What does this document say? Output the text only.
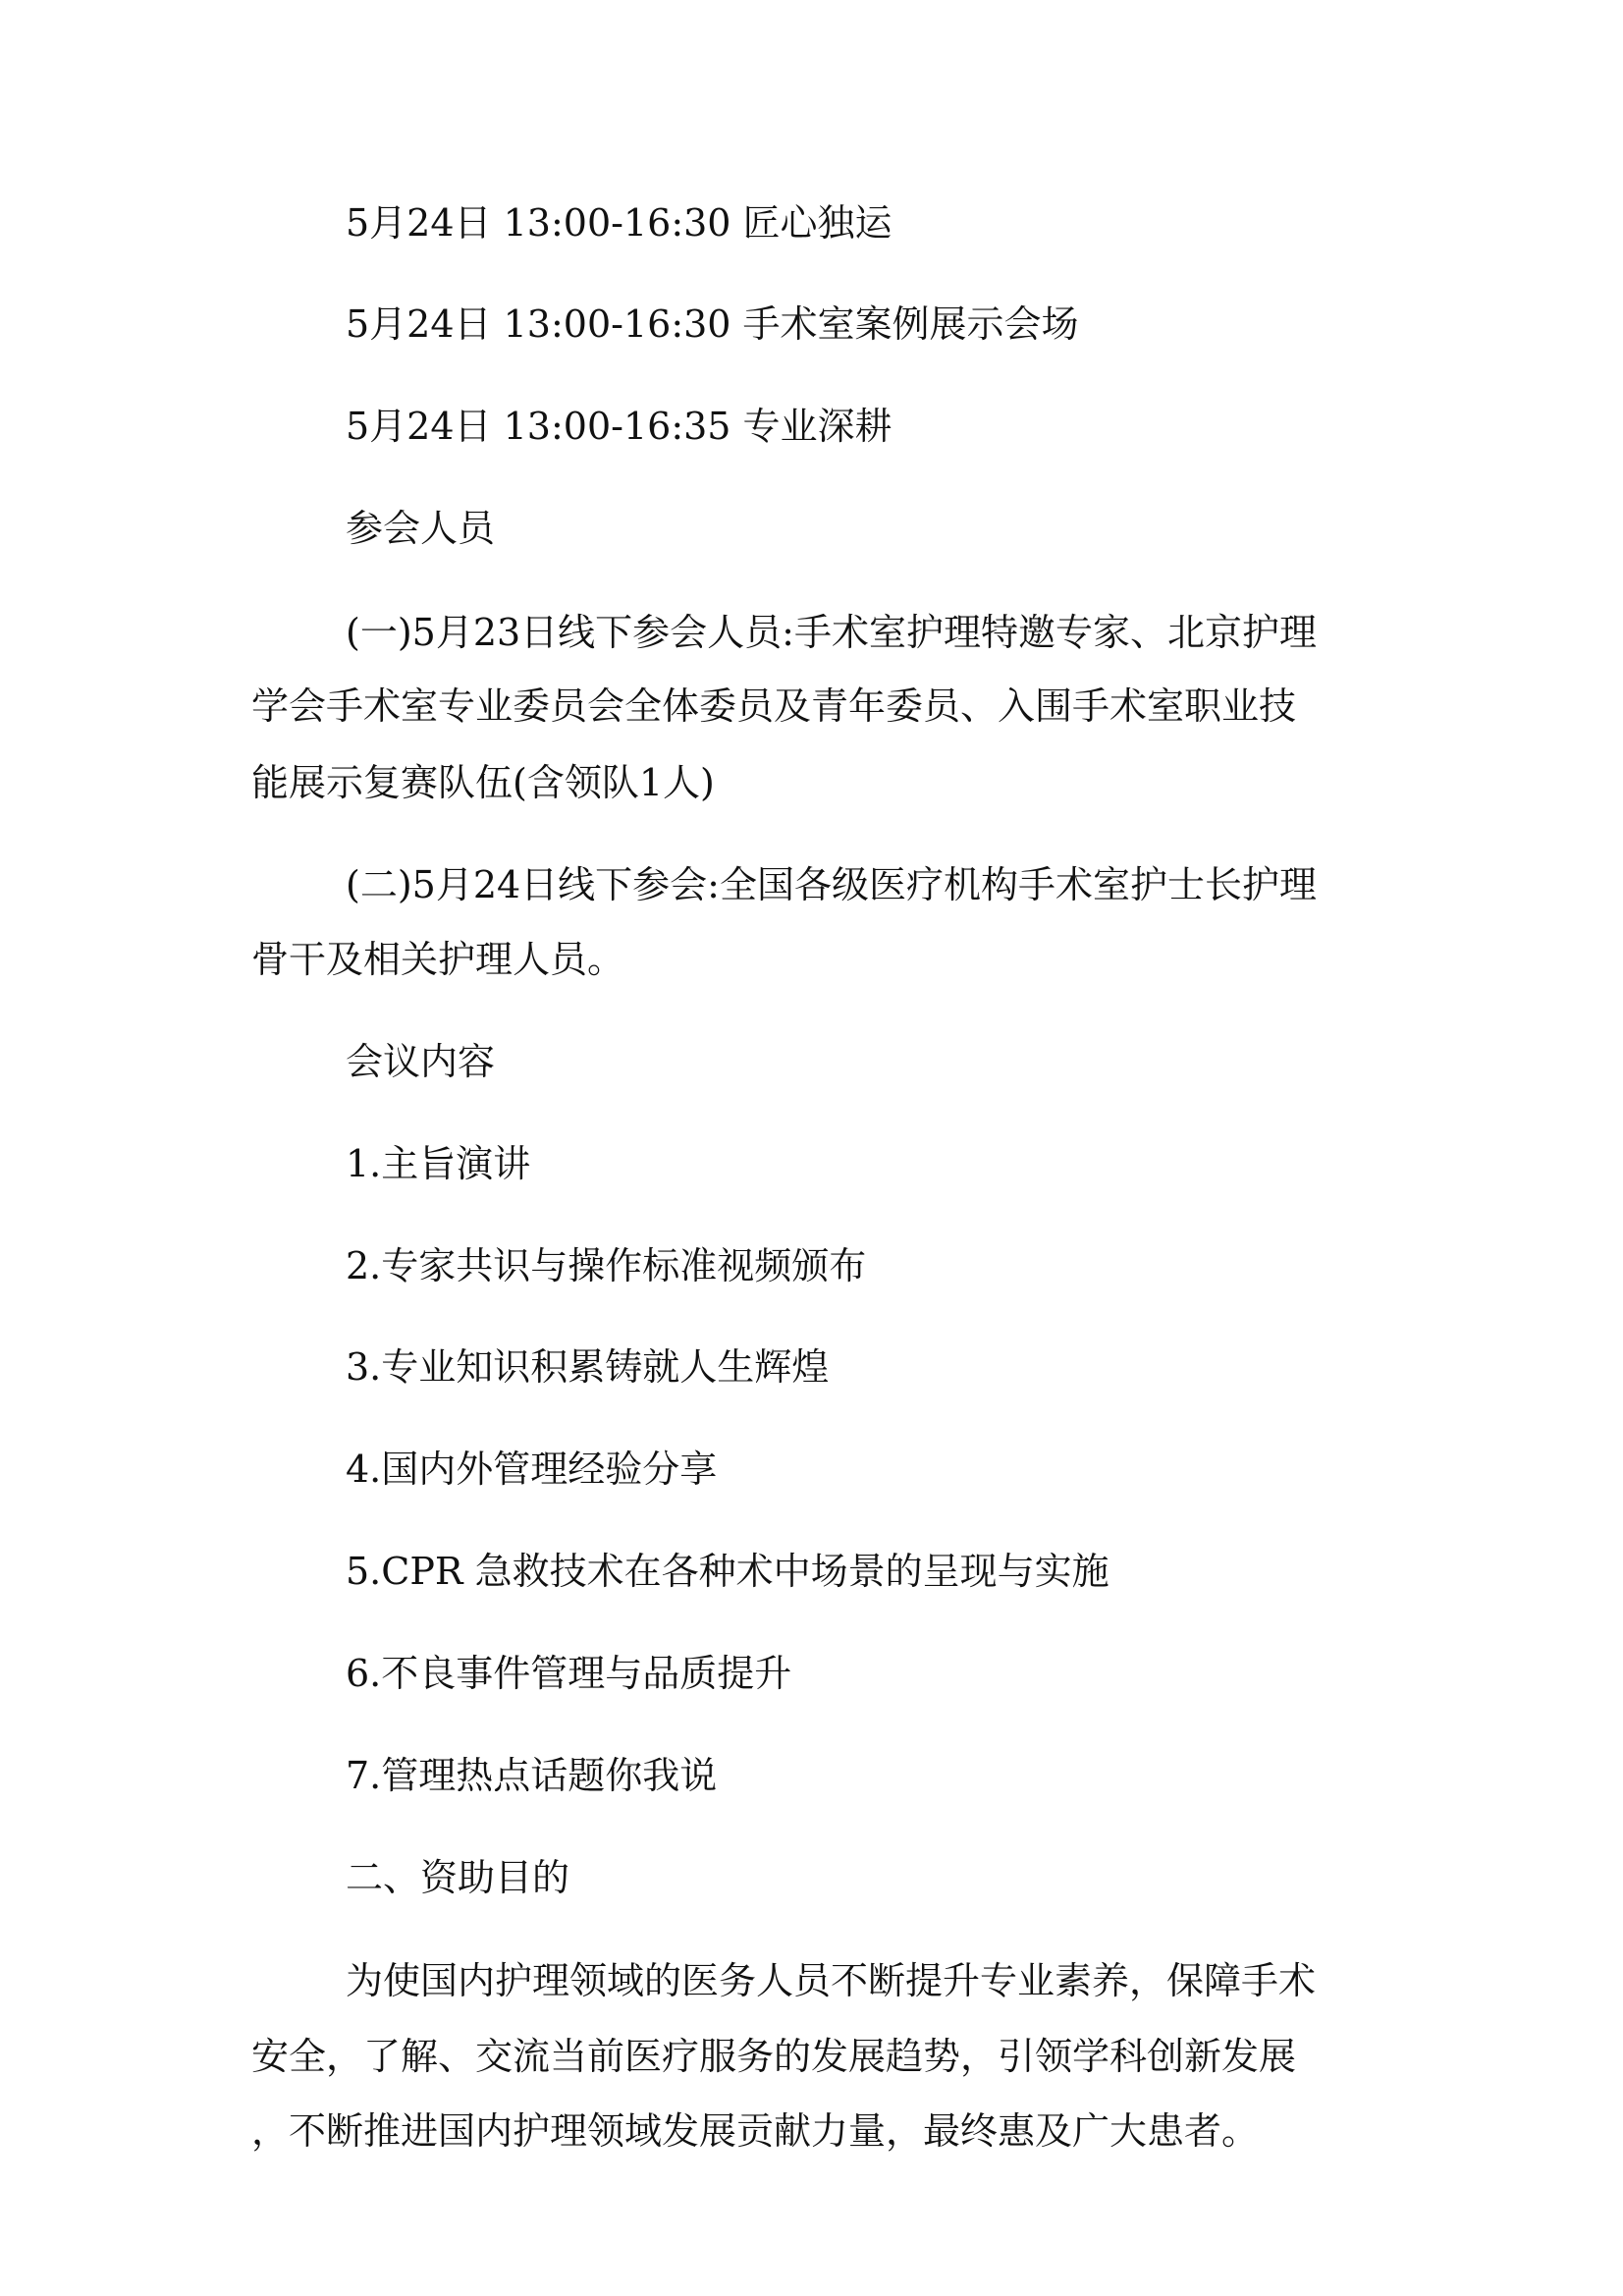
5月24日 13:00-16:30 匠心独运
5月24日 13:00-16:30 手术室案例展示会场
5月24日 13:00-16:35 专业深耕
参会人员
(一)5月23日线下参会人员:手术室护理特邀专家、北京护理
学会手术室专业委员会全体委员及青年委员、入围手术室职业技
能展示复赛队伍(含领队1人)
(二)5月24日线下参会:全国各级医疗机构手术室护士长护理
骨干及相关护理人员。
会议内容
1.主旨演讲
2.专家共识与操作标准视频颁布
3.专业知识积累铸就人生辉煌
4.国内外管理经验分享
5.CPR 急救技术在各种术中场景的呈现与实施
6.不良事件管理与品质提升
7.管理热点话题你我说
二、资助目的
为使国内护理领域的医务人员不断提升专业素养，保障手术
安全，了解、交流当前医疗服务的发展趋势，引领学科创新发展
，不断推进国内护理领域发展贡献力量，最终惠及广大患者。
